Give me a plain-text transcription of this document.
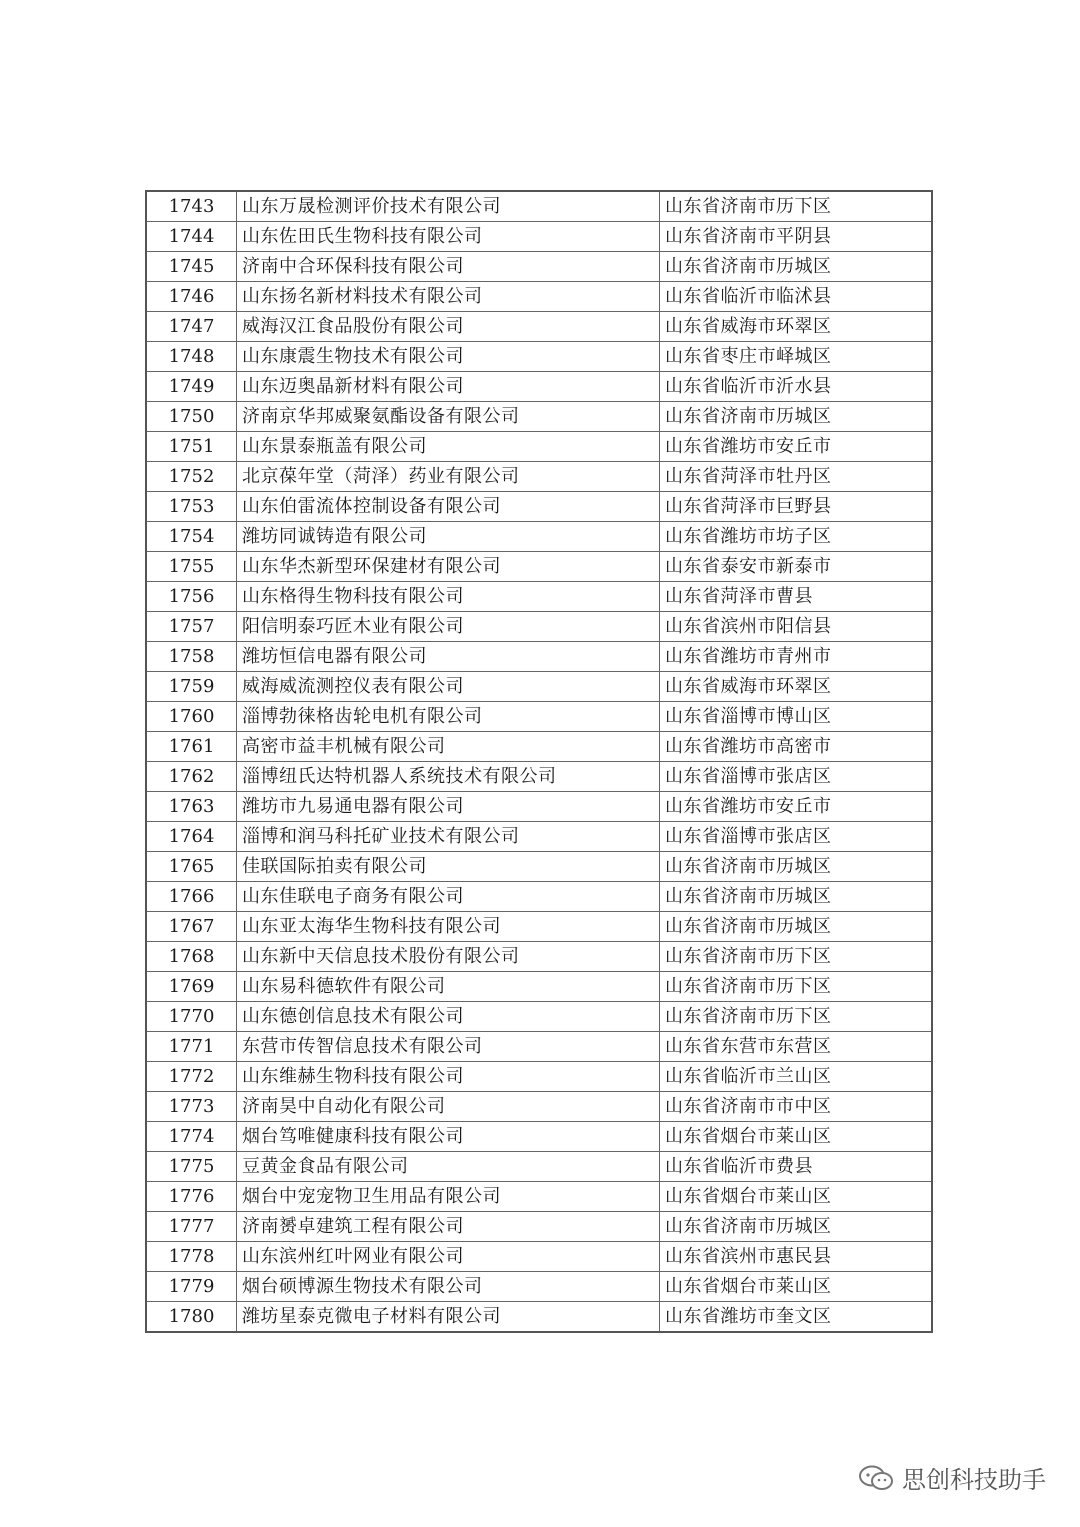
1743	山东万晟检测评价技术有限公司	山东省济南市历下区
1744	山东佐田氏生物科技有限公司	山东省济南市平阴县
1745	济南中合环保科技有限公司	山东省济南市历城区
1746	山东扬名新材料技术有限公司	山东省临沂市临沭县
1747	威海汉江食品股份有限公司	山东省威海市环翠区
1748	山东康震生物技术有限公司	山东省枣庄市峄城区
1749	山东迈奥晶新材料有限公司	山东省临沂市沂水县
1750	济南京华邦威聚氨酯设备有限公司	山东省济南市历城区
1751	山东景泰瓶盖有限公司	山东省潍坊市安丘市
1752	北京葆年堂（菏泽）药业有限公司	山东省菏泽市牡丹区
1753	山东伯雷流体控制设备有限公司	山东省菏泽市巨野县
1754	潍坊同诚铸造有限公司	山东省潍坊市坊子区
1755	山东华杰新型环保建材有限公司	山东省泰安市新泰市
1756	山东格得生物科技有限公司	山东省菏泽市曹县
1757	阳信明泰巧匠木业有限公司	山东省滨州市阳信县
1758	潍坊恒信电器有限公司	山东省潍坊市青州市
1759	威海威流测控仪表有限公司	山东省威海市环翠区
1760	淄博勃徕格齿轮电机有限公司	山东省淄博市博山区
1761	高密市益丰机械有限公司	山东省潍坊市高密市
1762	淄博纽氏达特机器人系统技术有限公司	山东省淄博市张店区
1763	潍坊市九易通电器有限公司	山东省潍坊市安丘市
1764	淄博和润马科托矿业技术有限公司	山东省淄博市张店区
1765	佳联国际拍卖有限公司	山东省济南市历城区
1766	山东佳联电子商务有限公司	山东省济南市历城区
1767	山东亚太海华生物科技有限公司	山东省济南市历城区
1768	山东新中天信息技术股份有限公司	山东省济南市历下区
1769	山东易科德软件有限公司	山东省济南市历下区
1770	山东德创信息技术有限公司	山东省济南市历下区
1771	东营市传智信息技术有限公司	山东省东营市东营区
1772	山东维赫生物科技有限公司	山东省临沂市兰山区
1773	济南昊中自动化有限公司	山东省济南市市中区
1774	烟台笃唯健康科技有限公司	山东省烟台市莱山区
1775	豆黄金食品有限公司	山东省临沂市费县
1776	烟台中宠宠物卫生用品有限公司	山东省烟台市莱山区
1777	济南赟卓建筑工程有限公司	山东省济南市历城区
1778	山东滨州红叶网业有限公司	山东省滨州市惠民县
1779	烟台硕博源生物技术有限公司	山东省烟台市莱山区
1780	潍坊星泰克微电子材料有限公司	山东省潍坊市奎文区
思创科技助手
